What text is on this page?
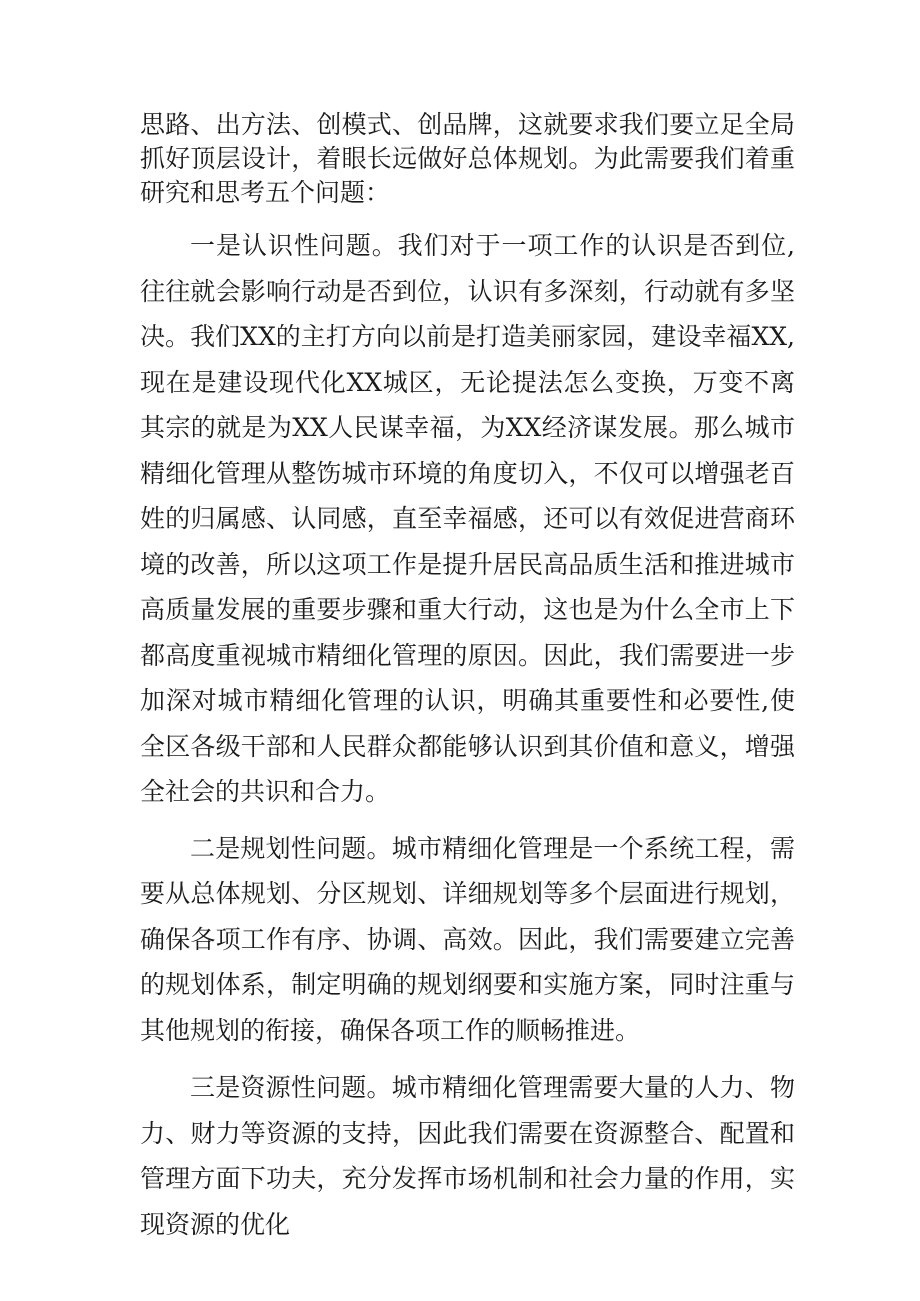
思路、出方法、创模式、创品牌，这就要求我们要立足全局抓好顶层设计，着眼长远做好总体规划。为此需要我们着重研究和思考五个问题：

一是认识性问题。我们对于一项工作的认识是否到位,往往就会影响行动是否到位，认识有多深刻，行动就有多坚决。我们XX的主打方向以前是打造美丽家园，建设幸福XX,现在是建设现代化XX城区，无论提法怎么变换，万变不离其宗的就是为XX人民谋幸福，为XX经济谋发展。那么城市精细化管理从整饬城市环境的角度切入，不仅可以增强老百姓的归属感、认同感，直至幸福感，还可以有效促进营商环境的改善，所以这项工作是提升居民高品质生活和推进城市高质量发展的重要步骤和重大行动，这也是为什么全市上下都高度重视城市精细化管理的原因。因此，我们需要进一步加深对城市精细化管理的认识，明确其重要性和必要性,使全区各级干部和人民群众都能够认识到其价值和意义，增强全社会的共识和合力。

二是规划性问题。城市精细化管理是一个系统工程，需要从总体规划、分区规划、详细规划等多个层面进行规划，确保各项工作有序、协调、高效。因此，我们需要建立完善的规划体系，制定明确的规划纲要和实施方案，同时注重与其他规划的衔接，确保各项工作的顺畅推进。

三是资源性问题。城市精细化管理需要大量的人力、物力、财力等资源的支持，因此我们需要在资源整合、配置和管理方面下功夫，充分发挥市场机制和社会力量的作用，实现资源的优化
